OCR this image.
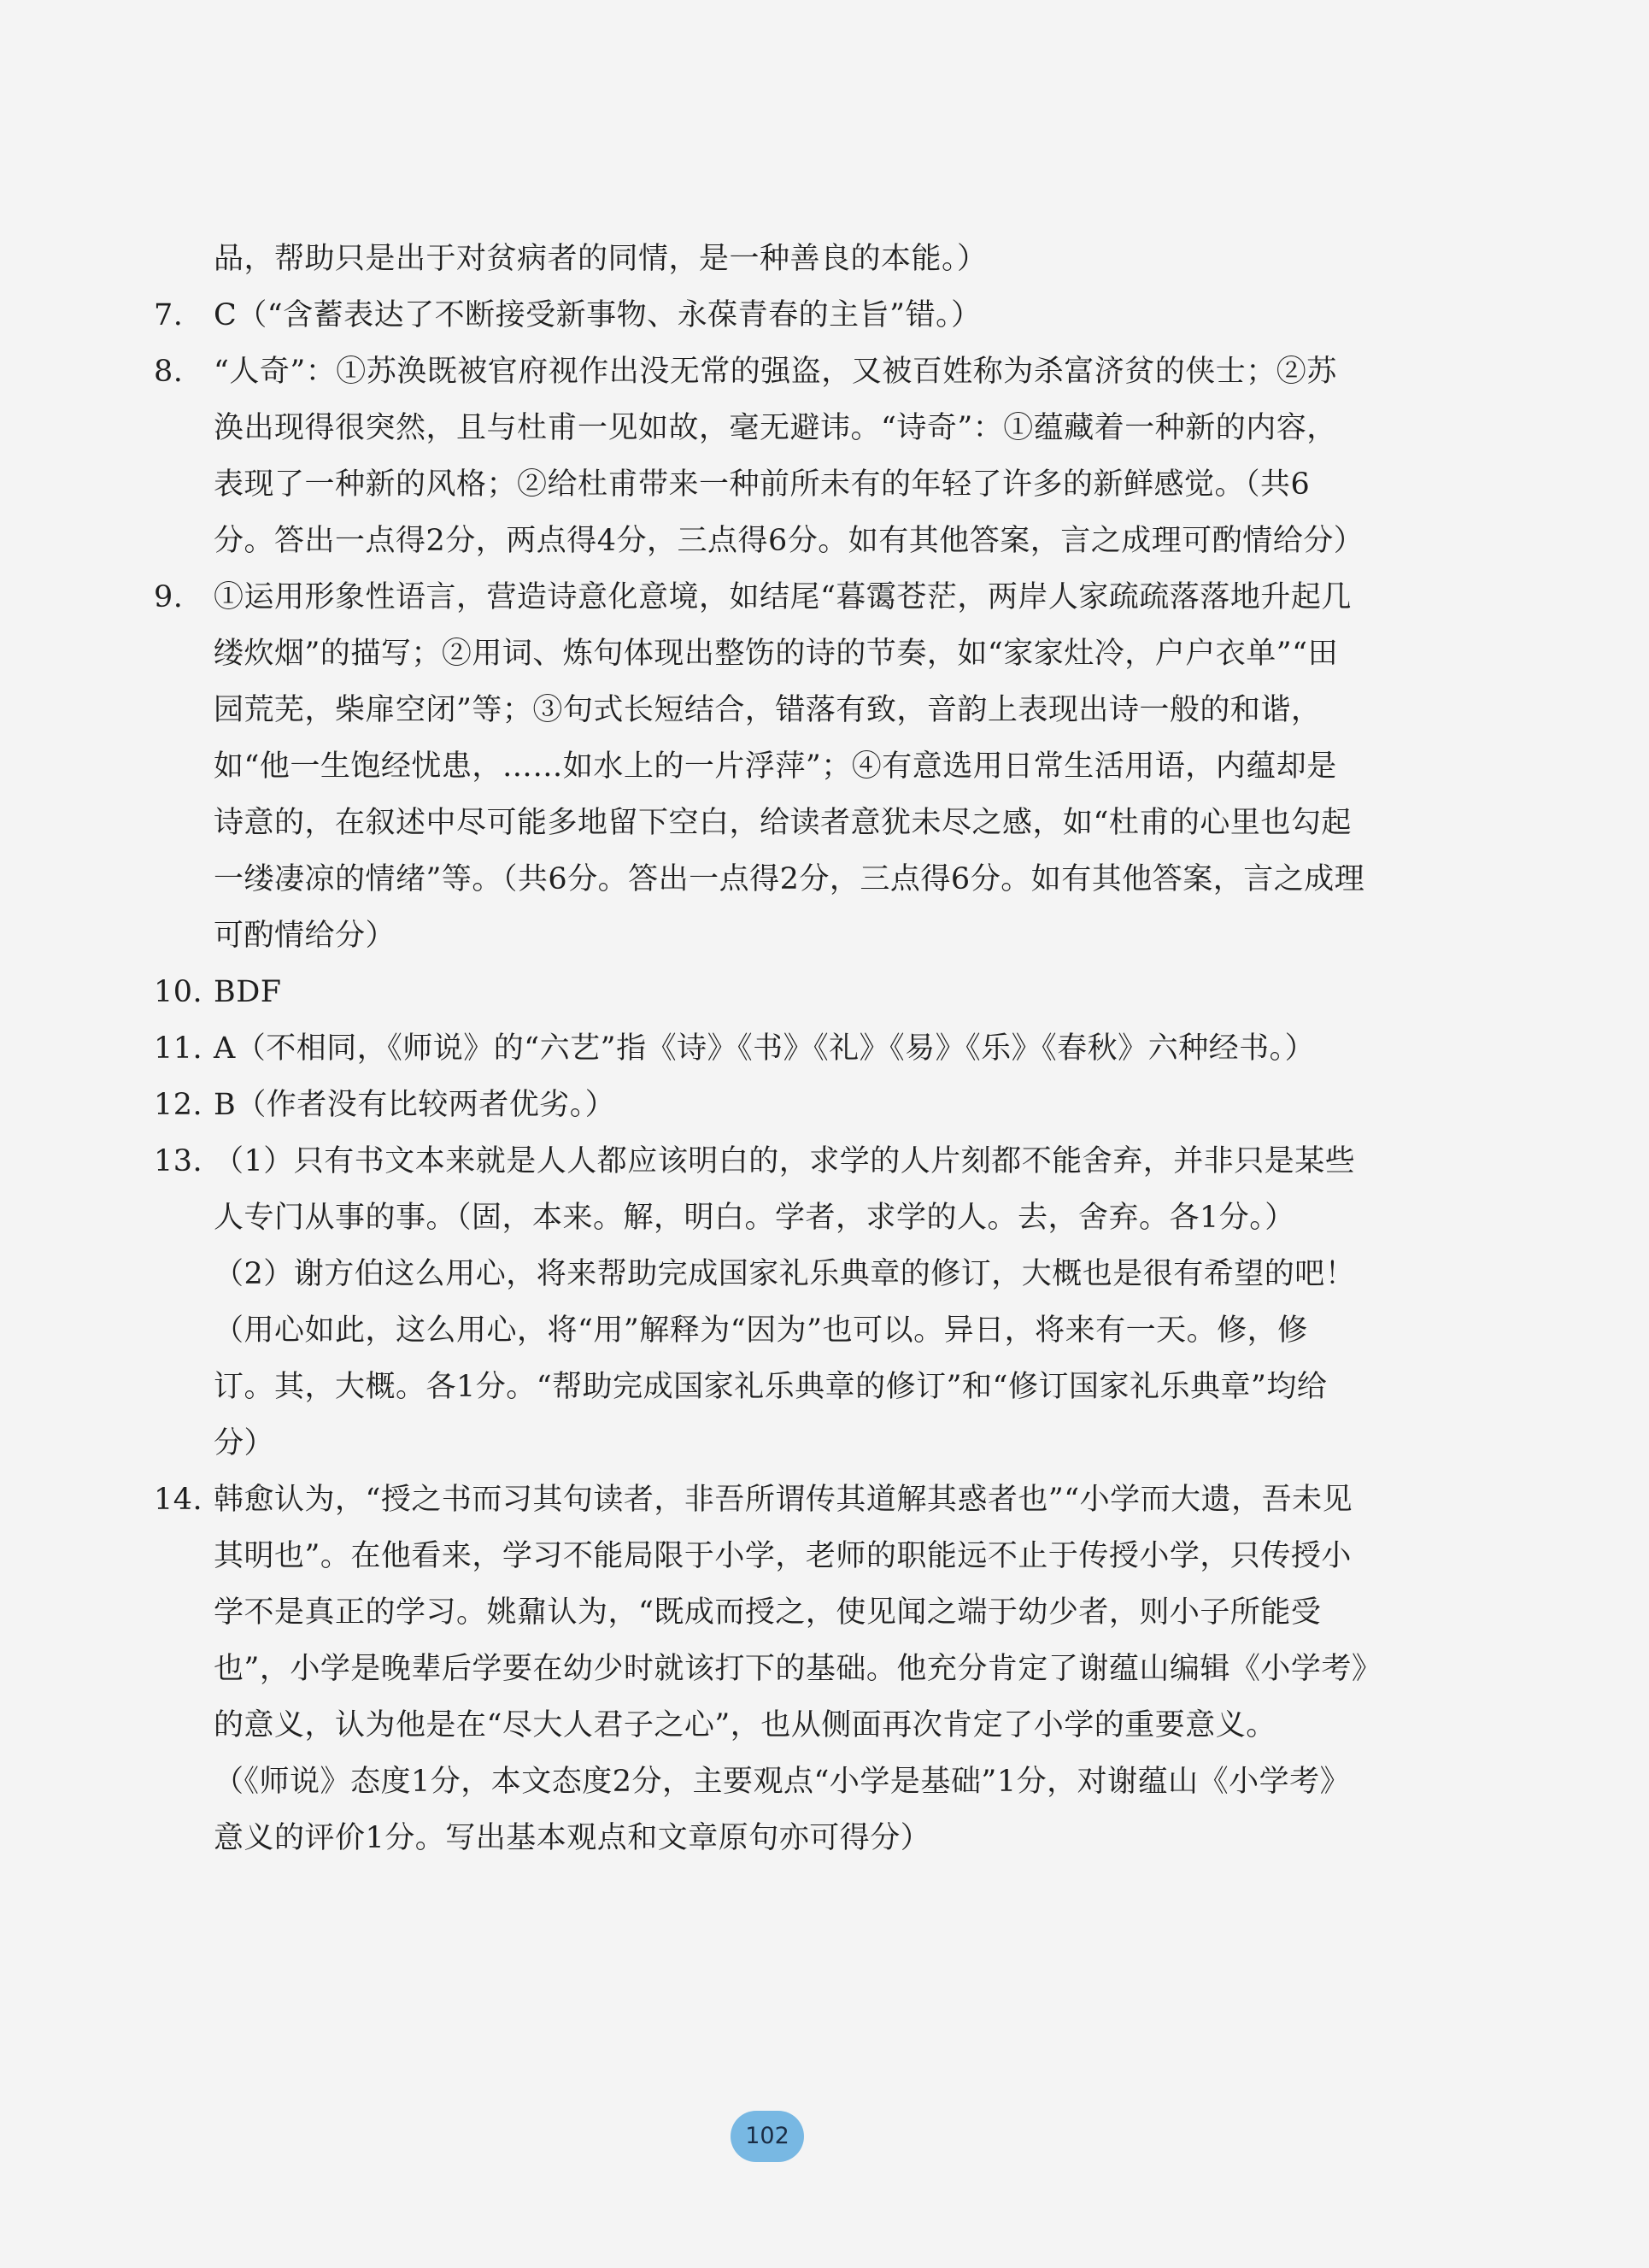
品，帮助只是出于对贫病者的同情，是一种善良的本能。）

7.	C（“含蓄表达了不断接受新事物、永葆青春的主旨”错。）
8.	“人奇”：①苏涣既被官府视作出没无常的强盗，又被百姓称为杀富济贫的侠士；②苏涣出现得很突然，且与杜甫一见如故，毫无避讳。“诗奇”：①蕴藏着一种新的内容，表现了一种新的风格；②给杜甫带来一种前所未有的年轻了许多的新鲜感觉。（共6分。答出一点得2分，两点得4分，三点得6分。如有其他答案，言之成理可酌情给分）
9.	①运用形象性语言，营造诗意化意境，如结尾“暮霭苍茫，两岸人家疏疏落落地升起几缕炊烟”的描写；②用词、炼句体现出整饬的诗的节奏，如“家家灶冷，户户衣单”“田园荒芜，柴扉空闭”等；③句式长短结合，错落有致，音韵上表现出诗一般的和谐，如“他一生饱经忧患，……如水上的一片浮萍”；④有意选用日常生活用语，内蕴却是诗意的，在叙述中尽可能多地留下空白，给读者意犹未尽之感，如“杜甫的心里也勾起一缕凄凉的情绪”等。（共6分。答出一点得2分，三点得6分。如有其他答案，言之成理可酌情给分）
10. BDF
11. A（不相同，《师说》的“六艺”指《诗》《书》《礼》《易》《乐》《春秋》六种经书。）
12. B（作者没有比较两者优劣。）
13. （1）只有书文本来就是人人都应该明白的，求学的人片刻都不能舍弃，并非只是某些人专门从事的事。（固，本来。解，明白。学者，求学的人。去，舍弃。各1分。）

（2）谢方伯这么用心，将来帮助完成国家礼乐典章的修订，大概也是很有希望的吧！（用心如此，这么用心，将“用”解释为“因为”也可以。异日，将来有一天。修，修订。其，大概。各1分。“帮助完成国家礼乐典章的修订”和“修订国家礼乐典章”均给分）

14. 韩愈认为，“授之书而习其句读者，非吾所谓传其道解其惑者也”“小学而大遗，吾未见其明也”。在他看来，学习不能局限于小学，老师的职能远不止于传授小学，只传授小学不是真正的学习。姚鼐认为，“既成而授之，使见闻之端于幼少者，则小子所能受也”，小学是晚辈后学要在幼少时就该打下的基础。他充分肯定了谢蕴山编辑《小学考》的意义，认为他是在“尽大人君子之心”，也从侧面再次肯定了小学的重要意义。

（《师说》态度1分，本文态度2分，主要观点“小学是基础”1分，对谢蕴山《小学考》意义的评价1分。写出基本观点和文章原句亦可得分）

102
